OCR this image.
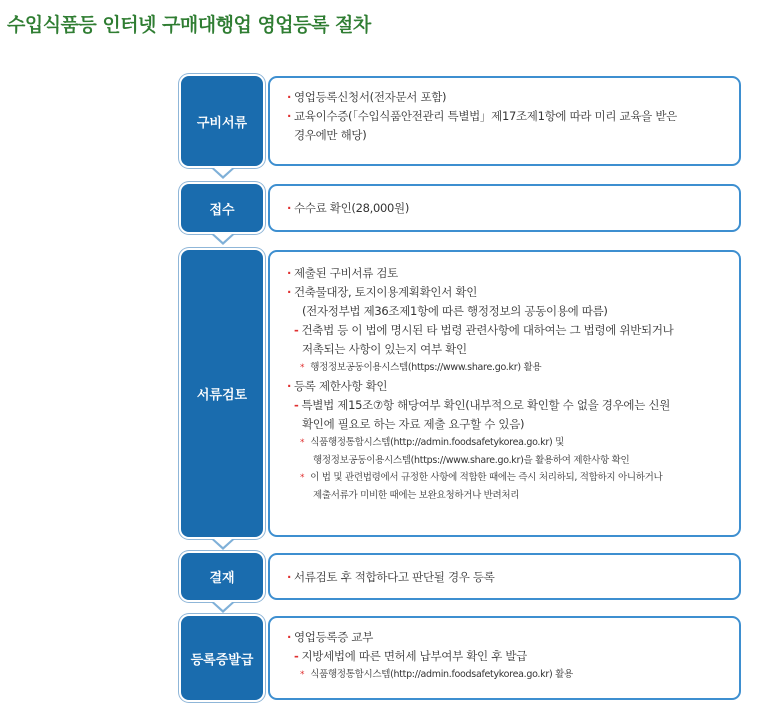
수입식품등 인터넷 구매대행업 영업등록 절차
구비서류
· 영업등록신청서(전자문서 포함)
· 교육이수증(「수입식품안전관리 특별법」제17조제1항에 따라 미리 교육을 받은
경우에만 해당)
접수	· 수수료 확인(28,000원)
서류검토
· 제출된 구비서류 검토
· 건축물대장, 토지이용계획확인서 확인
(전자정부법 제36조제1항에 따른 행정정보의 공동이용에 따름)
- 건축법 등 이 법에 명시된 타 법령 관련사항에 대하여는 그 법령에 위반되거나
저촉되는 사항이 있는지 여부 확인
* 행정정보공동이용시스템(https://www.share.go.kr) 활용
· 등록 제한사항 확인
- 특별법 제15조⑦항 해당여부 확인(내부적으로 확인할 수 없을 경우에는 신원
확인에 필요로 하는 자료 제출 요구할 수 있음)
* 식품행정통합시스템(http://admin.foodsafetykorea.go.kr) 및
행정정보공동이용시스템(https://www.share.go.kr)을 활용하여 제한사항 확인
* 이 법 및 관련법령에서 규정한 사항에 적합한 때에는 즉시 처리하되, 적합하지 아니하거나
제출서류가 미비한 때에는 보완요청하거나 반려처리
결재	· 서류검토 후 적합하다고 판단될 경우 등록
등록증발급
· 영업등록증 교부
- 지방세법에 따른 면허세 납부여부 확인 후 발급
* 식품행정통합시스템(http://admin.foodsafetykorea.go.kr) 활용
